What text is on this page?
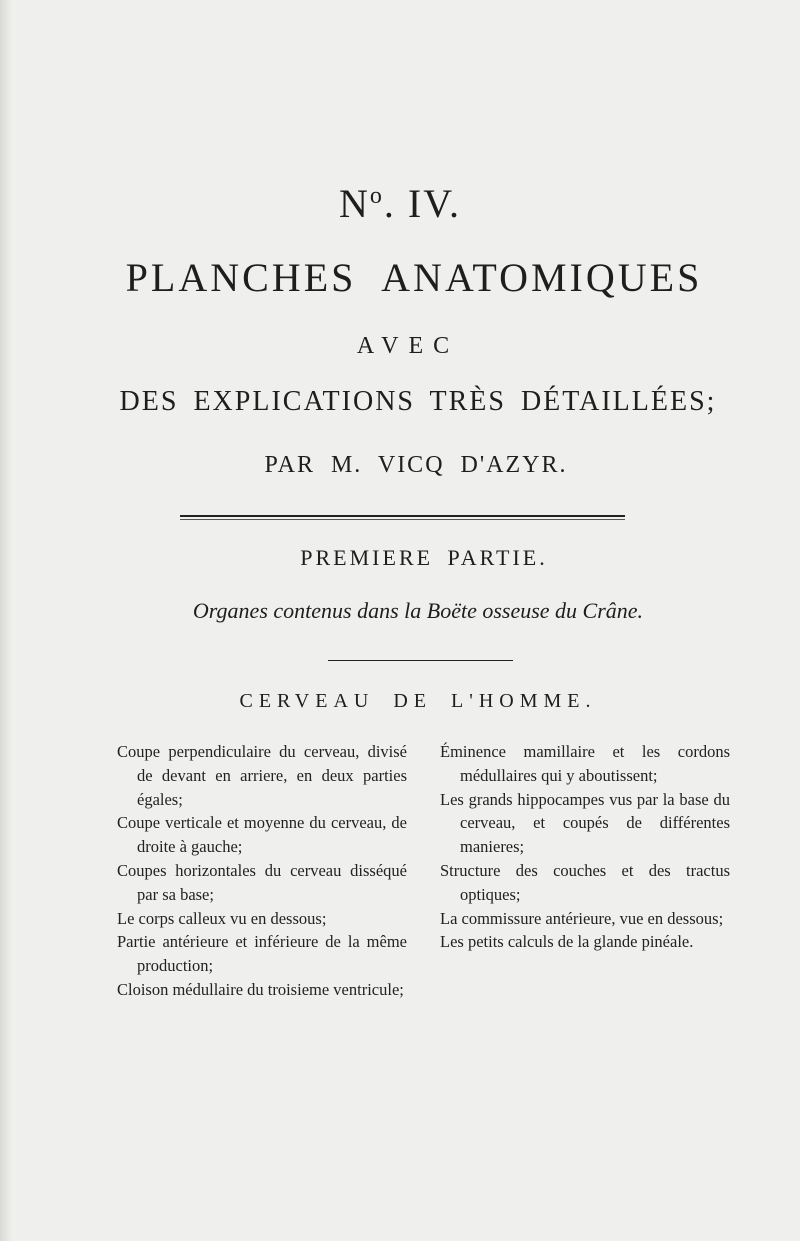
$N^o$. IV.
PLANCHES ANATOMIQUES
AVEC
DES EXPLICATIONS TRÈS DÉTAILLÉES;
PAR M. VICQ D'AZYR.
PREMIERE PARTIE.
Organes contenus dans la Boëte osseuse du Crâne.
CERVEAU DE L'HOMME.
Coupe perpendiculaire du cerveau, divisé de devant en arriere, en deux parties égales;
Coupe verticale et moyenne du cerveau, de droite à gauche;
Coupes horizontales du cerveau disséqué par sa base;
Le corps calleux vu en dessous;
Partie antérieure et inférieure de la même production;
Cloison médullaire du troisieme ventricule;
Éminence mamillaire et les cordons médullaires qui y aboutissent;
Les grands hippocampes vus par la base du cerveau, et coupés de différentes manieres;
Structure des couches et des tractus optiques;
La commissure antérieure, vue en dessous;
Les petits calculs de la glande pinéale.
